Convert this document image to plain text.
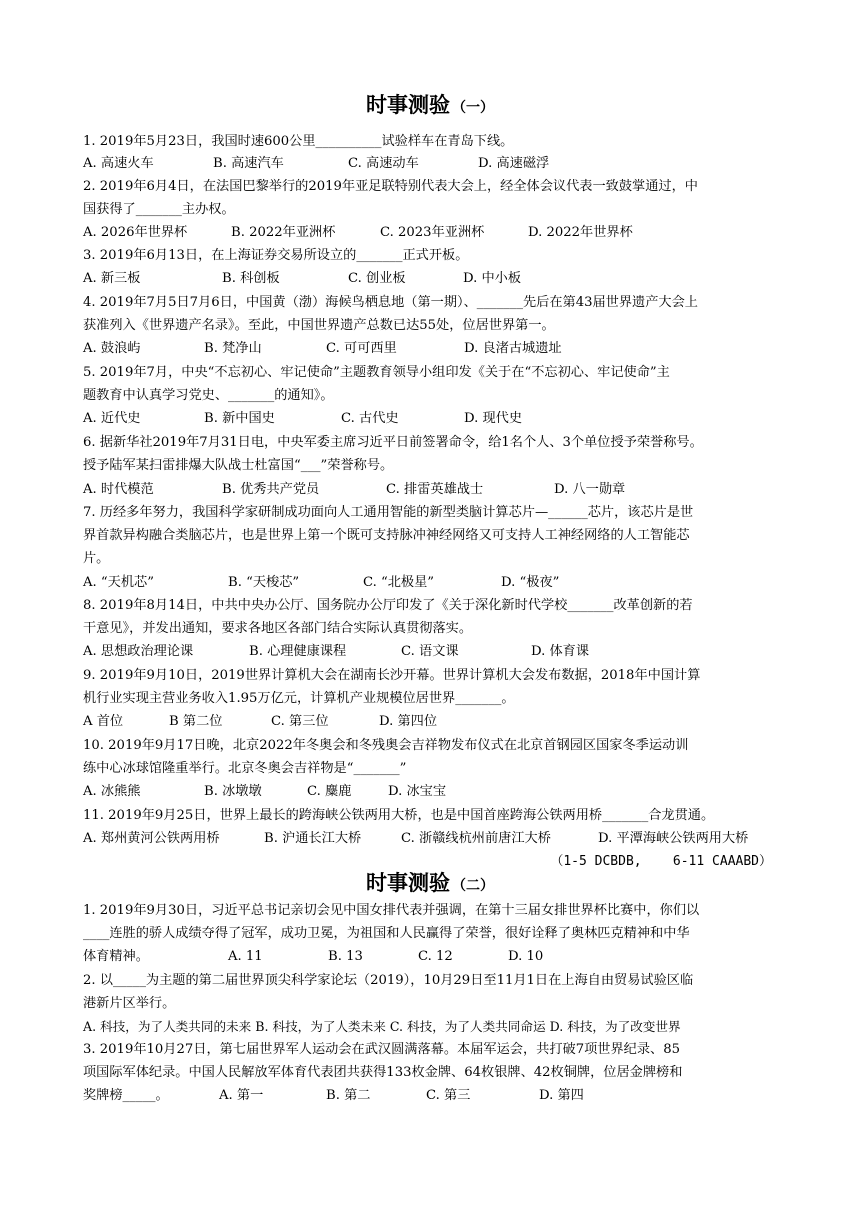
时事测验 （一）
1. 2019年5月23日，我国时速600公里__________试验样车在青岛下线。
A. 高速火车	B. 高速汽车	C. 高速动车	D. 高速磁浮
2. 2019年6月4日，在法国巴黎举行的2019年亚足联特别代表大会上，经全体会议代表一致鼓掌通过，中
国获得了_______主办权。
A. 2026年世界杯	B. 2022年亚洲杯	C. 2023年亚洲杯	D. 2022年世界杯
3. 2019年6月13日，在上海证券交易所设立的_______正式开板。
A. 新三板	B. 科创板	C. 创业板	D. 中小板
4. 2019年7月5日7月6日，中国黄（渤）海候鸟栖息地（第一期）、_______先后在第43届世界遗产大会上
获准列入《世界遗产名录》。至此，中国世界遗产总数已达55处，位居世界第一。
A. 鼓浪屿	B. 梵净山	C. 可可西里	D. 良渚古城遗址
5. 2019年7月，中央“不忘初心、牢记使命”主题教育领导小组印发《关于在“不忘初心、牢记使命”主
题教育中认真学习党史、_______的通知》。
A. 近代史	B. 新中国史	C. 古代史	D. 现代史
6. 据新华社2019年7月31日电，中央军委主席习近平日前签署命令，给1名个人、3个单位授予荣誉称号。
授予陆军某扫雷排爆大队战士杜富国“___”荣誉称号。
A. 时代模范	B. 优秀共产党员	C. 排雷英雄战士	D. 八一勋章
7. 历经多年努力，我国科学家研制成功面向人工通用智能的新型类脑计算芯片—______芯片，该芯片是世
界首款异构融合类脑芯片，也是世界上第一个既可支持脉冲神经网络又可支持人工神经网络的人工智能芯
片。
A. “天机芯”	B. “天梭芯”	C. “北极星”	D. “极夜”
8. 2019年8月14日，中共中央办公厅、国务院办公厅印发了《关于深化新时代学校_______改革创新的若
干意见》，并发出通知，要求各地区各部门结合实际认真贯彻落实。
A. 思想政治理论课	B. 心理健康课程	C. 语文课	D. 体育课
9. 2019年9月10日，2019世界计算机大会在湖南长沙开幕。世界计算机大会发布数据，2018年中国计算
机行业实现主营业务收入1.95万亿元，计算机产业规模位居世界_______。
A 首位	B 第二位	C. 第三位	D. 第四位
10. 2019年9月17日晚，北京2022年冬奥会和冬残奥会吉祥物发布仪式在北京首钢园区国家冬季运动训
练中心冰球馆隆重举行。北京冬奥会吉祥物是“_______”
A. 冰熊熊	B. 冰墩墩	C. 麋鹿	D. 冰宝宝
11. 2019年9月25日，世界上最长的跨海峡公铁两用大桥，也是中国首座跨海公铁两用桥_______合龙贯通。
A. 郑州黄河公铁两用桥	B. 沪通长江大桥	C. 浙赣线杭州前唐江大桥	D. 平潭海峡公铁两用大桥
（1-5 DCBDB,    6-11 CAAABD）
时事测验 （二）
1. 2019年9月30日，习近平总书记亲切会见中国女排代表并强调，在第十三届女排世界杯比赛中，你们以
____连胜的骄人成绩夺得了冠军，成功卫冕，为祖国和人民赢得了荣誉，很好诠释了奥林匹克精神和中华
体育精神。	A. 11	B. 13	C. 12	D. 10
2. 以_____为主题的第二届世界顶尖科学家论坛（2019），10月29日至11月1日在上海自由贸易试验区临
港新片区举行。
A. 科技，为了人类共同的未来 B. 科技，为了人类未来 C. 科技，为了人类共同命运 D. 科技，为了改变世界
3. 2019年10月27日，第七届世界军人运动会在武汉圆满落幕。本届军运会，共打破7项世界纪录、85
项国际军体纪录。中国人民解放军体育代表团共获得133枚金牌、64枚银牌、42枚铜牌，位居金牌榜和
奖牌榜_____。	A. 第一	B. 第二	C. 第三	D. 第四
